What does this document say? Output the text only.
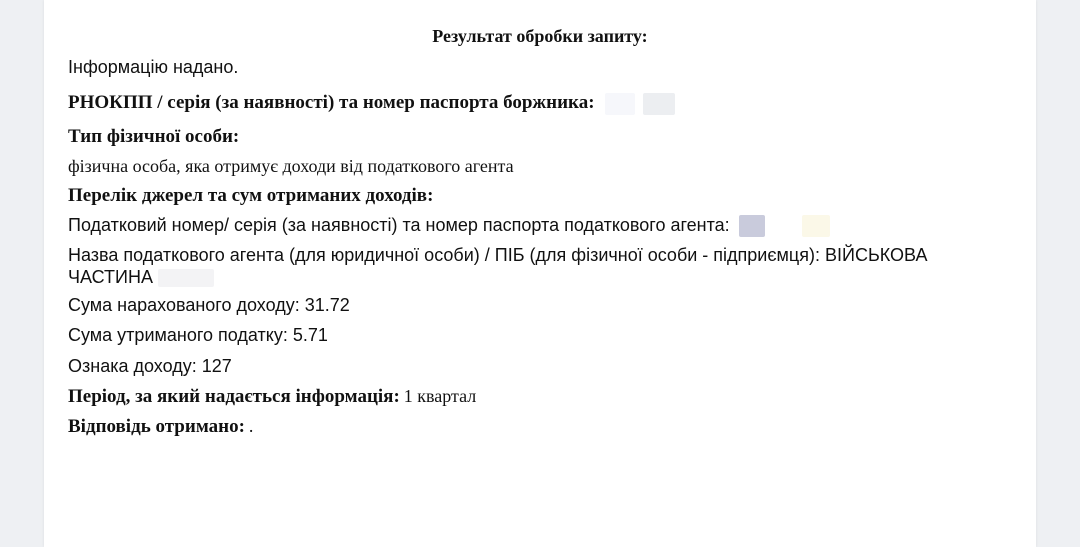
Результат обробки запиту:
Інформацію надано.
РНОКПП / серія (за наявності) та номер паспорта боржника:
Тип фізичної особи:
фізична особа, яка отримує доходи від податкового агента
Перелік джерел та сум отриманих доходів:
Податковий номер/ серія (за наявності) та номер паспорта податкового агента:
Назва податкового агента (для юридичної особи) / ПІБ (для фізичної особи - підприємця): ВІЙСЬКОВА ЧАСТИНА
Сума нарахованого доходу: 31.72
Сума утриманого податку: 5.71
Ознака доходу: 127
Період, за який надається інформація: 1 квартал
Відповідь отримано: .
